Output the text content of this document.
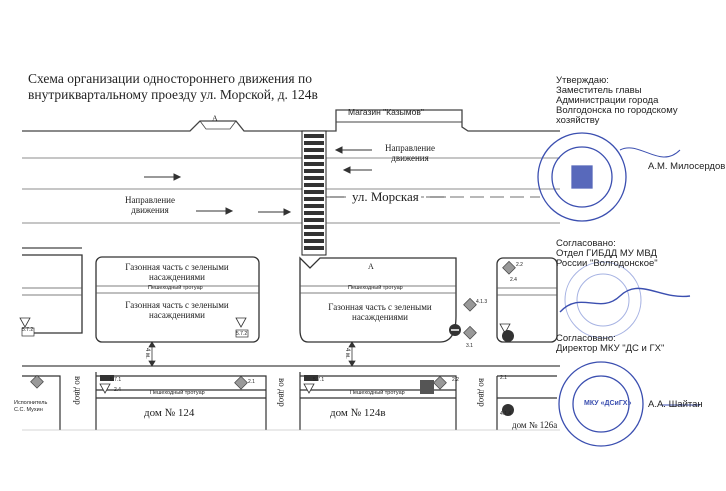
Схема организации одностороннего движения по внутриквартальному проезду ул. Морской, д. 124в
Магазин "Казымов"
А
А
Направление движения
Направление движения
ул. Морская
Газонная часть с зелеными насаждениями
Газонная часть с зелеными насаждениями
Газонная часть с зелеными насаждениями
Пешеходный тротуар	Пешеходный тротуар
Пешеходный тротуар	Пешеходный тротуар
дом № 124	дом № 124в
дом № 126а
во двор	во двор	во двор
4 м.	4 м.
Исполнитель С.С. Мухин
5.7.1	5.7.1
5.7.2
5.7.2
2.4
2.4
2.1
2.1
2.2
2.2
4.1.3
4.1.4
3.1
Утверждаю:
Заместитель главы
Администрации города
Волгодонска по городскому
хозяйству
А.М. Милосердов
Согласовано:
Отдел ГИБДД МУ МВД
России "Волгодонское"
Согласовано:
Директор МКУ "ДС и ГХ"
А.А. Шайтан
МКУ «ДСиГХ»
